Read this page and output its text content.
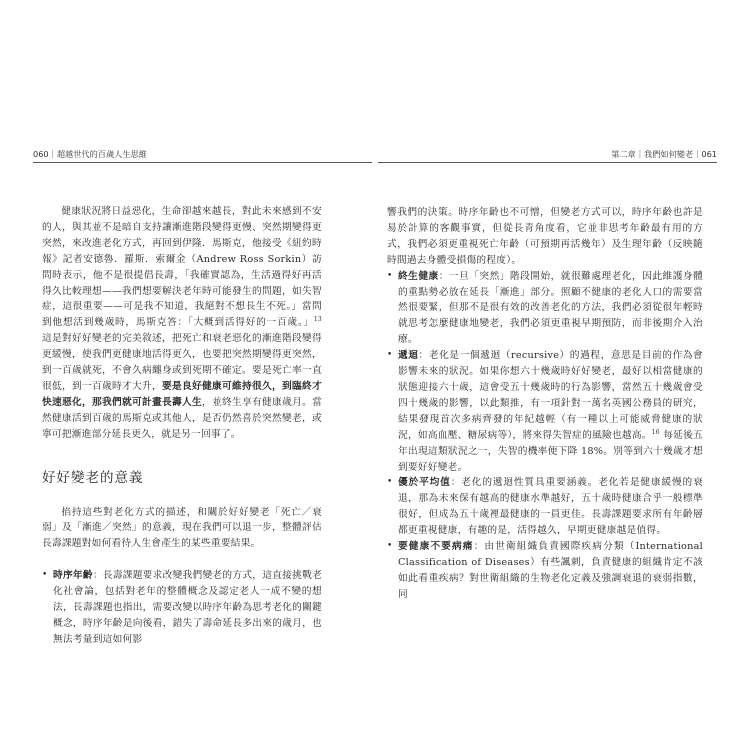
060｜超越世代的百歲人生思維

健康狀況將日益惡化，生命卻越來越長，對此未來感到不安的人，與其並不是暗自支持讓漸進階段變得更慢、突然期變得更突然，來改進老化方式，再回到伊隆．馬斯克，他接受《紐約時報》記者安德魯．羅斯．索爾金（Andrew Ross Sorkin）訪問時表示，他不是很提倡長壽，「我確實認為，生活過得好再活得久比較理想——我們想要解決老年時可能發生的問題，如失智症，這很重要——可是我不知道，我絕對不想長生不死。」當問到他想活到幾歲時，馬斯克答：「大概到活得好的一百歲。」$^{13}$ 這是對好好變老的完美敘述，把死亡和衰老惡化的漸進階段變得更緩慢，使我們更健康地活得更久，也要把突然期變得更突然，到一百歲就死，不會久病纏身或到死期不確定。要是死亡率一直很低，到一百歲時才大升，要是良好健康可維持很久，到臨終才快速惡化，那我們就可計畫長壽人生，並終生享有健康歲月。當然健康活到百歲的馬斯克或其他人，是否仍然喜於突然變老，或寧可把漸進部分延長更久，就是另一回事了。

好好變老的意義

掐持這些對老化方式的描述，和關於好好變老「死亡／衰弱」及「漸進／突然」的意義，現在我們可以退一步，整體評估長壽課題對如何看待人生會產生的某些重要結果。

• 時序年齡：長壽課題要求改變我們變老的方式，這直接挑戰老化社會論，包括對老年的整體概念及認定老人一成不變的想法，長壽課題也指出，需要改變以時序年齡為思考老化的關鍵概念，時序年齡是向後看，錯失了壽命延長多出來的歲月，也無法考量到這如何影
第二章｜我們如何變老｜061

響我們的決策。時序年齡也不可憎，但變老方式可以，時序年齡也許是易於計算的客觀事實，但從長青角度看，它並非思考年齡最有用的方式，我們必須更重視死亡年齡（可預期再活幾年）及生理年齡（反映隨時間過去身體受損傷的程度）。

• 終生健康：一旦「突然」階段開始，就很難處理老化，因此維護身體的重點勢必放在延長「漸進」部分。照顧不健康的老化人口的需要當然很要緊，但那不是很有效的改善老化的方法，我們必須從很年輕時就思考怎麼健康地變老，我們必須更重視早期預防，而非後期介入治療。
• 遞迴：老化是一個遞迴（recursive）的過程，意思是目前的作為會影響未來的狀況。如果你想六十幾歲時好好變老，最好以相當健康的狀態迎接六十歲，這會受五十幾歲時的行為影響，當然五十幾歲會受四十幾歲的影響，以此類推，有一項針對一萬名英國公務員的研究，結果發現首次多病齊發的年紀越輕（有一種以上可能威脅健康的狀況，如高血壓、糖尿病等），將來得失智症的風險也越高。$^{16}$ 每延後五年出現這類狀況之一，失智的機率便下降 18%。別等到六十幾歲才想到要好好變老。
• 優於平均值：老化的遞迴性質具重要涵義。老化若是健康緩慢的衰退，那為未來保有越高的健康水準越好，五十歲時健康合乎一般標準很好，但成為五十歲裡最健康的一員更佳。長壽課題要求所有年齡層都更重視健康，有趣的是，活得越久，早期更健康越是值得。
• 要健康不要病痛：由世衛組織負責國際疾病分類（International Classification of Diseases）有些諷刺，負責健康的組織肯定不該如此看重疾病？對世衛組織的生物老化定義及強調衰退的衰弱指數，同
